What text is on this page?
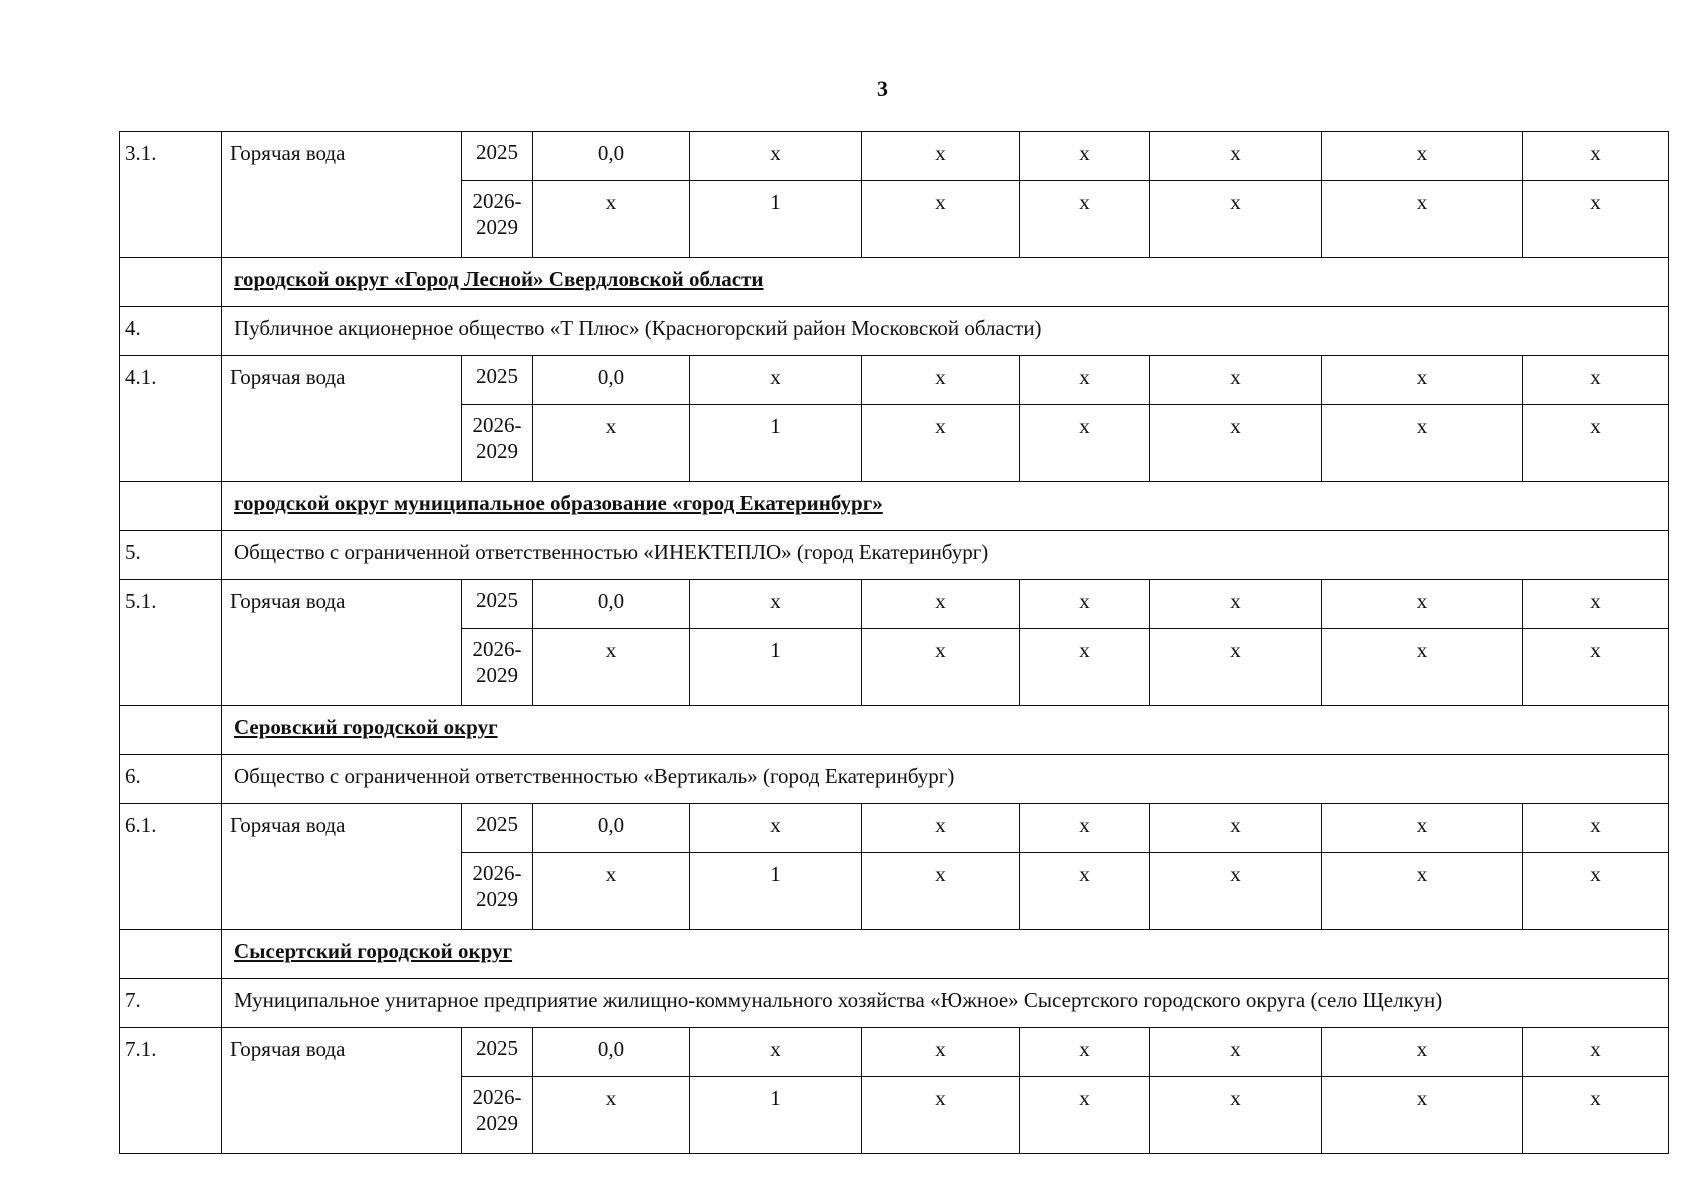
3
3.1.	Горячая вода	2025	0,0	x	x	x	x	x	x
		2026-2029	x	1	x	x	x	x	x
	городской округ «Город Лесной» Свердловской области								
4.	Публичное акционерное общество «Т Плюс» (Красногорский район Московской области)								
4.1.	Горячая вода	2025	0,0	x	x	x	x	x	x
		2026-2029	x	1	x	x	x	x	x
	городской округ муниципальное образование «город Екатеринбург»								
5.	Общество с ограниченной ответственностью «ИНЕКТЕПЛО» (город Екатеринбург)								
5.1.	Горячая вода	2025	0,0	x	x	x	x	x	x
		2026-2029	x	1	x	x	x	x	x
	Серовский городской округ								
6.	Общество с ограниченной ответственностью «Вертикаль» (город Екатеринбург)								
6.1.	Горячая вода	2025	0,0	x	x	x	x	x	x
		2026-2029	x	1	x	x	x	x	x
	Сысертский городской округ								
7.	Муниципальное унитарное предприятие жилищно-коммунального хозяйства «Южное» Сысертского городского округа (село Щелкун)								
7.1.	Горячая вода	2025	0,0	x	x	x	x	x	x
		2026-2029	x	1	x	x	x	x	x
